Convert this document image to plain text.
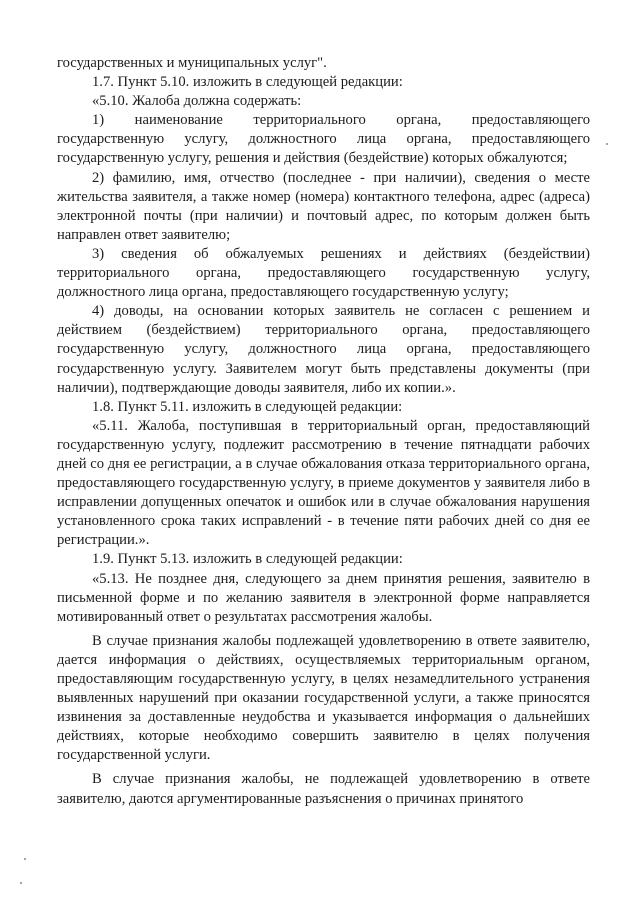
государственных и муниципальных услуг".

1.7. Пункт 5.10. изложить в следующей редакции:

«5.10. Жалоба должна содержать:

1) наименование территориального органа, предоставляющего государственную услугу, должностного лица органа, предоставляющего государственную услугу, решения и действия (бездействие) которых обжалуются;

2) фамилию, имя, отчество (последнее - при наличии), сведения о месте жительства заявителя, а также номер (номера) контактного телефона, адрес (адреса) электронной почты (при наличии) и почтовый адрес, по которым должен быть направлен ответ заявителю;

3) сведения об обжалуемых решениях и действиях (бездействии) территориального органа, предоставляющего государственную услугу, должностного лица органа, предоставляющего государственную услугу;

4) доводы, на основании которых заявитель не согласен с решением и действием (бездействием) территориального органа, предоставляющего государственную услугу, должностного лица органа, предоставляющего государственную услугу. Заявителем могут быть представлены документы (при наличии), подтверждающие доводы заявителя, либо их копии.».

1.8. Пункт 5.11. изложить в следующей редакции:

«5.11. Жалоба, поступившая в территориальный орган, предоставляющий государственную услугу, подлежит рассмотрению в течение пятнадцати рабочих дней со дня ее регистрации, а в случае обжалования отказа территориального органа, предоставляющего государственную услугу, в приеме документов у заявителя либо в исправлении допущенных опечаток и ошибок или в случае обжалования нарушения установленного срока таких исправлений - в течение пяти рабочих дней со дня ее регистрации.».

1.9. Пункт 5.13. изложить в следующей редакции:

«5.13. Не позднее дня, следующего за днем принятия решения, заявителю в письменной форме и по желанию заявителя в электронной форме направляется мотивированный ответ о результатах рассмотрения жалобы.

В случае признания жалобы подлежащей удовлетворению в ответе заявителю, дается информация о действиях, осуществляемых территориальным органом, предоставляющим государственную услугу, в целях незамедлительного устранения выявленных нарушений при оказании государственной услуги, а также приносятся извинения за доставленные неудобства и указывается информация о дальнейших действиях, которые необходимо совершить заявителю в целях получения государственной услуги.

В случае признания жалобы, не подлежащей удовлетворению в ответе заявителю, даются аргументированные разъяснения о причинах принятого
